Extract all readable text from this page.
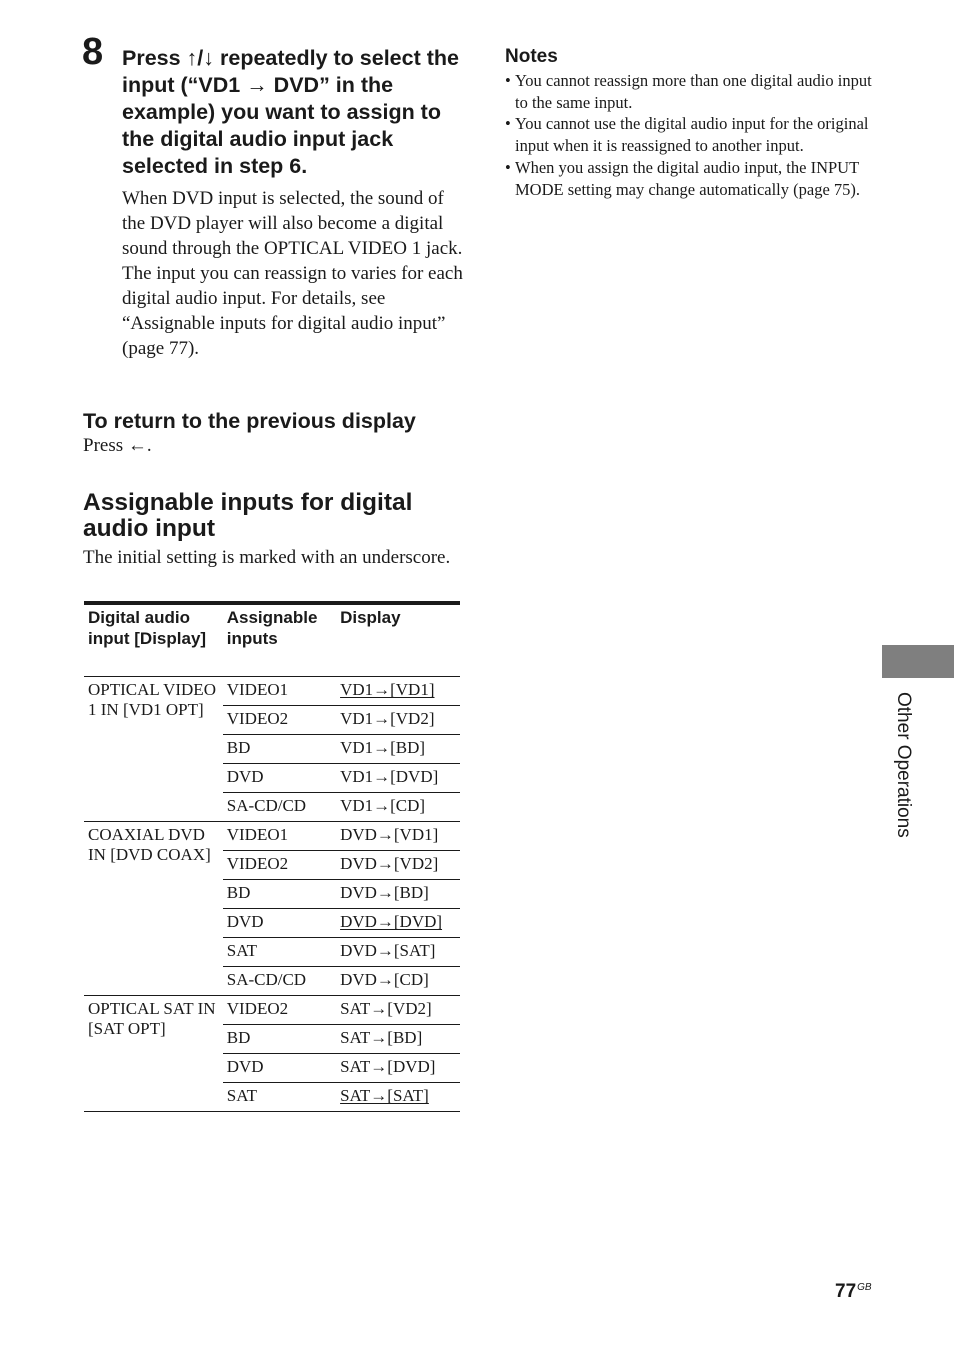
8 Press ↑/↓ repeatedly to select the input (“VD1 → DVD” in the example) you want to assign to the digital audio input jack selected in step 6.

When DVD input is selected, the sound of the DVD player will also become a digital sound through the OPTICAL VIDEO 1 jack.

The input you can reassign to varies for each digital audio input. For details, see “Assignable inputs for digital audio input” (page 77).

To return to the previous display
Press ←.
Assignable inputs for digital audio input
The initial setting is marked with an underscore.
Digital audio input [Display]	Assignable inputs	Display
OPTICAL VIDEO 1 IN [VD1 OPT]	VIDEO1	VD1→[VD1]
	VIDEO2	VD1→[VD2]
	BD	VD1→[BD]
	DVD	VD1→[DVD]
	SA-CD/CD	VD1→[CD]
COAXIAL DVD IN [DVD COAX]	VIDEO1	DVD→[VD1]
	VIDEO2	DVD→[VD2]
	BD	DVD→[BD]
	DVD	DVD→[DVD]
	SAT	DVD→[SAT]
	SA-CD/CD	DVD→[CD]
OPTICAL SAT IN [SAT OPT]	VIDEO2	SAT→[VD2]
	BD	SAT→[BD]
	DVD	SAT→[DVD]
	SAT	SAT→[SAT]
Notes
• You cannot reassign more than one digital audio input to the same input.
• You cannot use the digital audio input for the original input when it is reassigned to another input.
• When you assign the digital audio input, the INPUT MODE setting may change automatically (page 75).
Other Operations
$77^{GB}$
